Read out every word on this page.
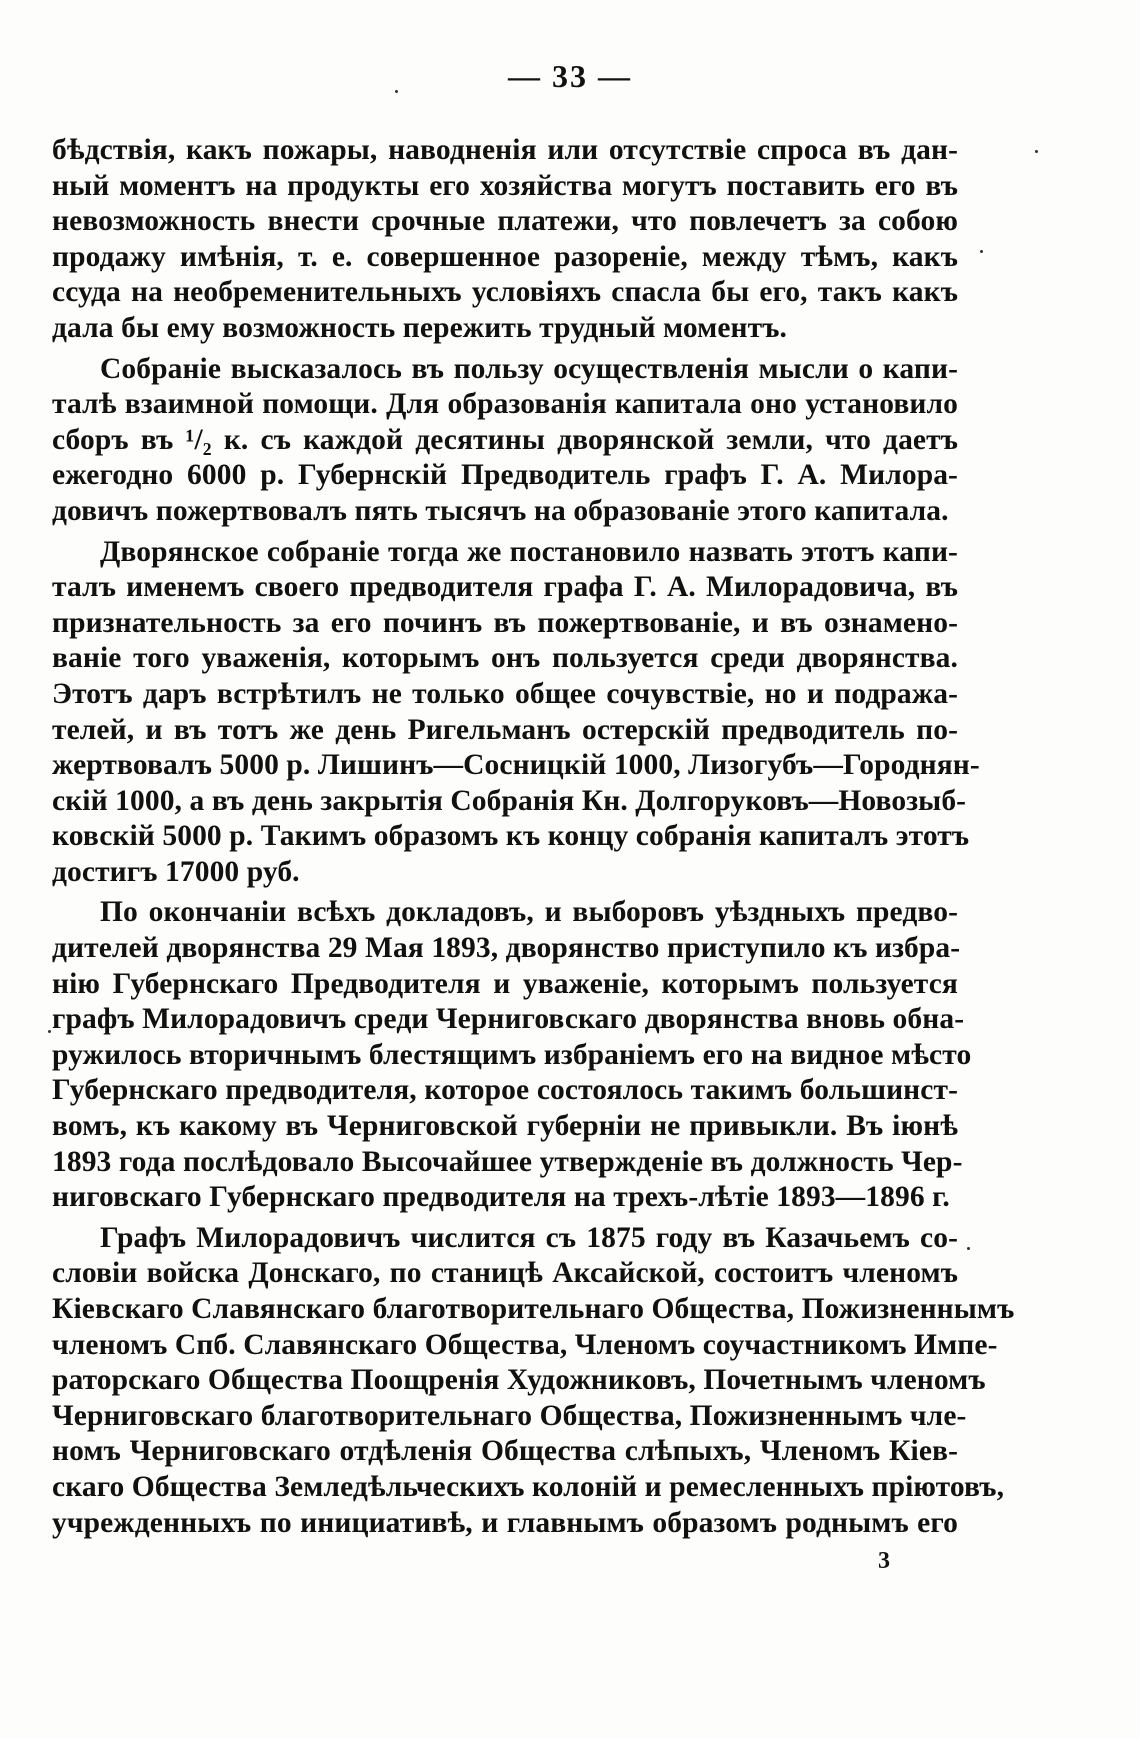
— 33 —
бѣдствія, какъ пожары, наводненія или отсутствіе спроса въ дан-
ный моментъ на продукты его хозяйства могутъ поставить его въ
невозможность внести срочные платежи, что повлечетъ за собою
продажу имѣнія, т. е. совершенное разореніе, между тѣмъ, какъ
ссуда на необременительныхъ условіяхъ спасла бы его, такъ какъ
дала бы ему возможность пережить трудный моментъ.
Собраніе высказалось въ пользу осуществленія мысли о капи-
талѣ взаимной помощи. Для образованія капитала оно установило
сборъ въ ¹/₂ к. съ каждой десятины дворянской земли, что даетъ
ежегодно 6000 р. Губернскій Предводитель графъ Г. А. Милора-
довичъ пожертвовалъ пять тысячъ на образованіе этого капитала.
Дворянское собраніе тогда же постановило назвать этотъ капи-
талъ именемъ своего предводителя графа Г. А. Милорадовича, въ
признательность за его починъ въ пожертвованіе, и въ ознамено-
ваніе того уваженія, которымъ онъ пользуется среди дворянства.
Этотъ даръ встрѣтилъ не только общее сочувствіе, но и подража-
телей, и въ тотъ же день Ригельманъ остерскій предводитель по-
жертвовалъ 5000 р. Лишинъ—Сосницкій 1000, Лизогубъ—Городнян-
скій 1000, а въ день закрытія Собранія Кн. Долгоруковъ—Новозыб-
ковскій 5000 р. Такимъ образомъ къ концу собранія капиталъ этотъ
достигъ 17000 руб.
По окончаніи всѣхъ докладовъ, и выборовъ уѣздныхъ предво-
дителей дворянства 29 Мая 1893, дворянство приступило къ избра-
нію Губернскаго Предводителя и уваженіе, которымъ пользуется
графъ Милорадовичъ среди Черниговскаго дворянства вновь обна-
ружилось вторичнымъ блестящимъ избраніемъ его на видное мѣсто
Губернскаго предводителя, которое состоялось такимъ большинст-
вомъ, къ какому въ Черниговской губерніи не привыкли. Въ іюнѣ
1893 года послѣдовало Высочайшее утвержденіе въ должность Чер-
ниговскаго Губернскаго предводителя на трехъ-лѣтіе 1893—1896 г.
Графъ Милорадовичъ числится съ 1875 году въ Казачьемъ со-
словіи войска Донскаго, по станицѣ Аксайской, состоитъ членомъ
Кіевскаго Славянскаго благотворительнаго Общества, Пожизненнымъ
членомъ Спб. Славянскаго Общества, Членомъ соучастникомъ Импе-
раторскаго Общества Поощренія Художниковъ, Почетнымъ членомъ
Черниговскаго благотворительнаго Общества, Пожизненнымъ чле-
номъ Черниговскаго отдѣленія Общества слѣпыхъ, Членомъ Кіев-
скаго Общества Земледѣльческихъ колоній и ремесленныхъ пріютовъ,
учрежденныхъ по инициативѣ, и главнымъ образомъ роднымъ его
3
